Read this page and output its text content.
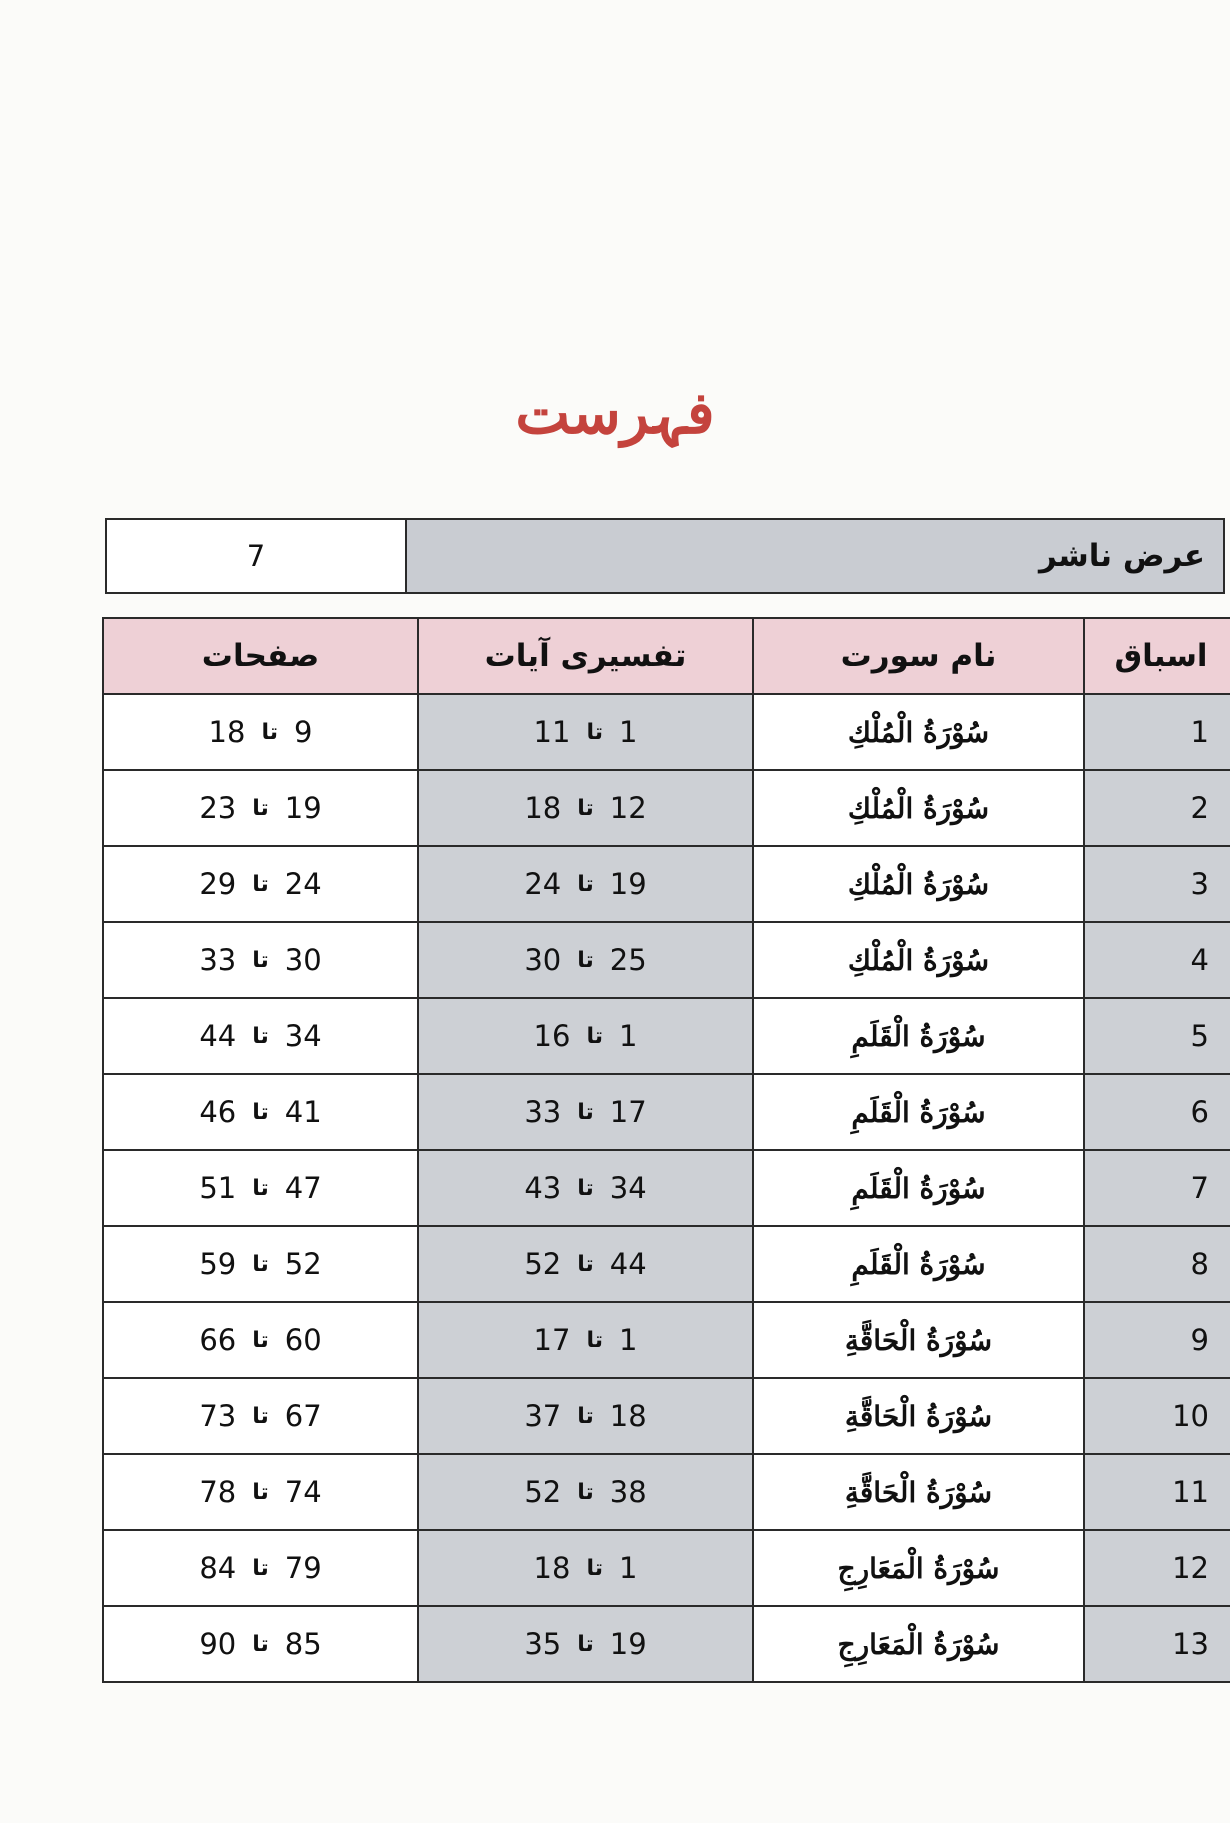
فہرست
7	عرض ناشر
صفحات	تفسیری آیات	نام سورت	اسباق

18 تا 9	11 تا 1	سُوْرَةُ الْمُلْكِ	1

23 تا 19	18 تا 12	سُوْرَةُ الْمُلْكِ	2

29 تا 24	24 تا 19	سُوْرَةُ الْمُلْكِ	3

33 تا 30	30 تا 25	سُوْرَةُ الْمُلْكِ	4

44 تا 34	16 تا 1	سُوْرَةُ الْقَلَمِ	5

46 تا 41	33 تا 17	سُوْرَةُ الْقَلَمِ	6

51 تا 47	43 تا 34	سُوْرَةُ الْقَلَمِ	7

59 تا 52	52 تا 44	سُوْرَةُ الْقَلَمِ	8

66 تا 60	17 تا 1	سُوْرَةُ الْحَاقَّةِ	9

73 تا 67	37 تا 18	سُوْرَةُ الْحَاقَّةِ	10

78 تا 74	52 تا 38	سُوْرَةُ الْحَاقَّةِ	11

84 تا 79	18 تا 1	سُوْرَةُ الْمَعَارِجِ	12

90 تا 85	35 تا 19	سُوْرَةُ الْمَعَارِجِ	13
